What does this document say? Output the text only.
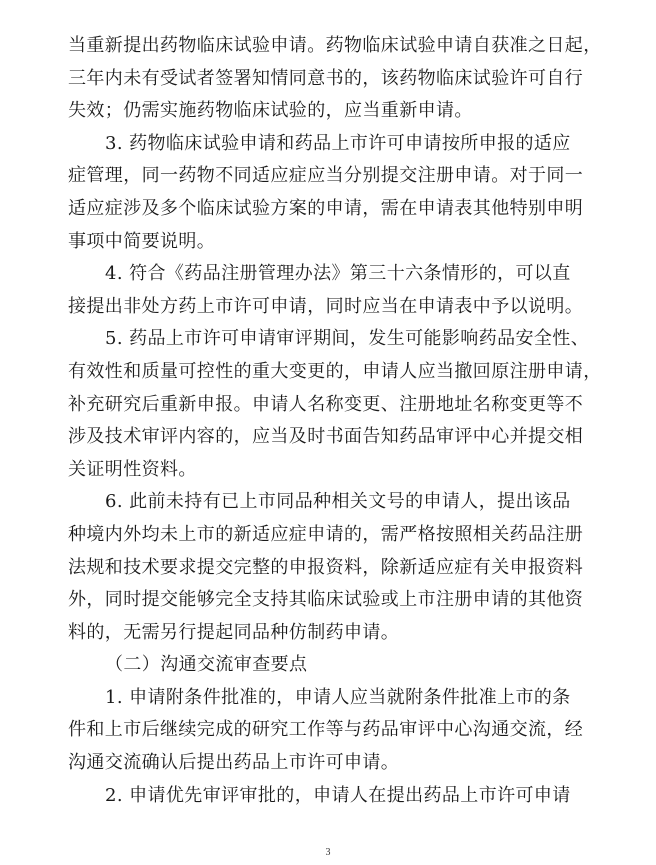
当重新提出药物临床试验申请。药物临床试验申请自获准之日起，
三年内未有受试者签署知情同意书的，该药物临床试验许可自行
失效；仍需实施药物临床试验的，应当重新申请。
3. 药物临床试验申请和药品上市许可申请按所申报的适应
症管理，同一药物不同适应症应当分别提交注册申请。对于同一
适应症涉及多个临床试验方案的申请，需在申请表其他特别申明
事项中简要说明。
4. 符合《药品注册管理办法》第三十六条情形的，可以直
接提出非处方药上市许可申请，同时应当在申请表中予以说明。
5. 药品上市许可申请审评期间，发生可能影响药品安全性、
有效性和质量可控性的重大变更的，申请人应当撤回原注册申请，
补充研究后重新申报。申请人名称变更、注册地址名称变更等不
涉及技术审评内容的，应当及时书面告知药品审评中心并提交相
关证明性资料。
6. 此前未持有已上市同品种相关文号的申请人，提出该品
种境内外均未上市的新适应症申请的，需严格按照相关药品注册
法规和技术要求提交完整的申报资料，除新适应症有关申报资料
外，同时提交能够完全支持其临床试验或上市注册申请的其他资
料的，无需另行提起同品种仿制药申请。
（二）沟通交流审查要点
1. 申请附条件批准的，申请人应当就附条件批准上市的条
件和上市后继续完成的研究工作等与药品审评中心沟通交流，经
沟通交流确认后提出药品上市许可申请。
2. 申请优先审评审批的，申请人在提出药品上市许可申请
3
